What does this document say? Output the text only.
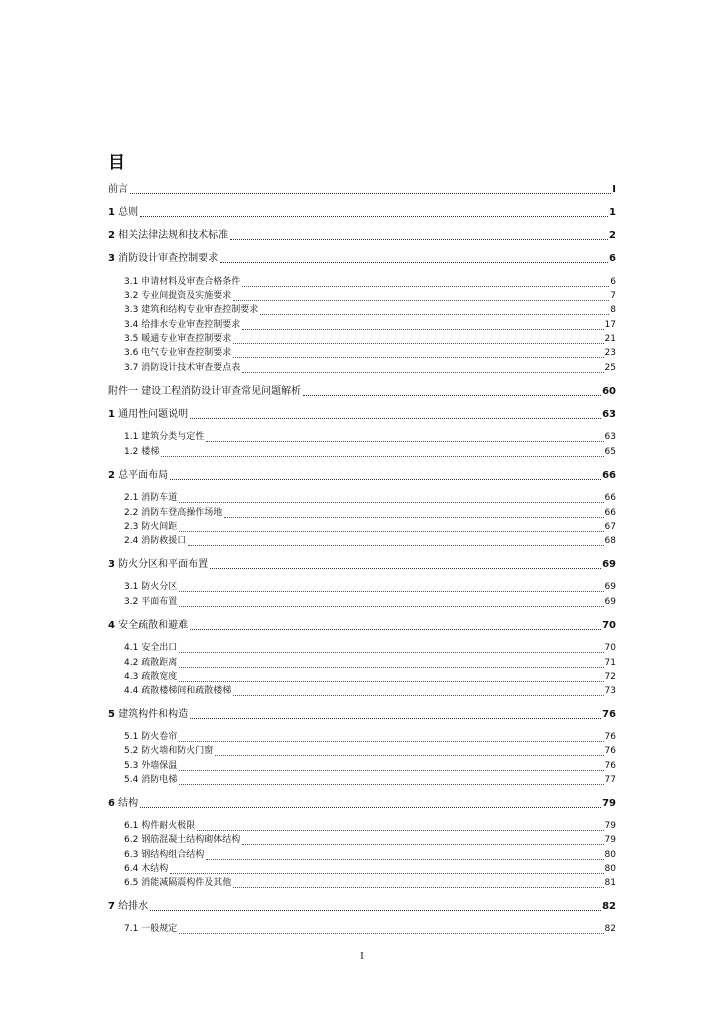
目
前言	I
1 总则	1
2 相关法律法规和技术标准	2
3 消防设计审查控制要求	6
3.1 申请材料及审查合格条件	6
3.2 专业间提资及实施要求	7
3.3 建筑和结构专业审查控制要求	8
3.4 给排水专业审查控制要求	17
3.5 暖通专业审查控制要求	21
3.6 电气专业审查控制要求	23
3.7 消防设计技术审查要点表	25
附件一 建设工程消防设计审查常见问题解析	60
1 通用性问题说明	63
1.1 建筑分类与定性	63
1.2 楼梯	65
2 总平面布局	66
2.1 消防车道	66
2.2 消防车登高操作场地	66
2.3 防火间距	67
2.4 消防救援口	68
3 防火分区和平面布置	69
3.1 防火分区	69
3.2 平面布置	69
4 安全疏散和避难	70
4.1 安全出口	70
4.2 疏散距离	71
4.3 疏散宽度	72
4.4 疏散楼梯间和疏散楼梯	73
5 建筑构件和构造	76
5.1 防火卷帘	76
5.2 防火墙和防火门窗	76
5.3 外墙保温	76
5.4 消防电梯	77
6 结构	79
6.1 构件耐火极限	79
6.2 钢筋混凝土结构砌体结构	79
6.3 钢结构组合结构	80
6.4 木结构	80
6.5 消能减隔震构件及其他	81
7 给排水	82
7.1 一般规定	82
I
